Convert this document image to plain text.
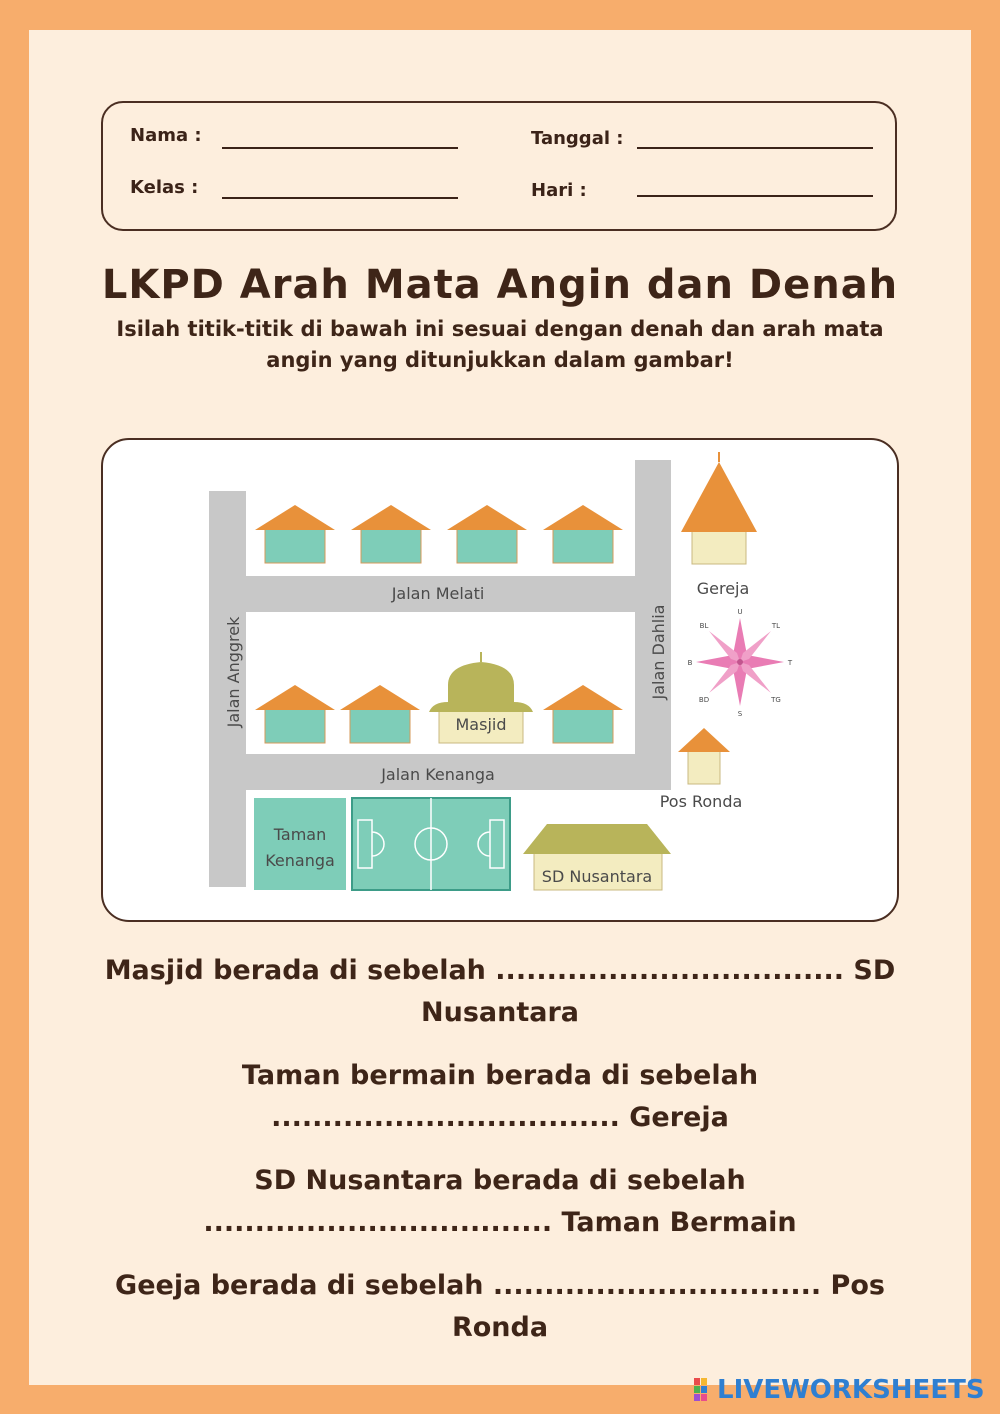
Nama :
Kelas :
Tanggal :
Hari :
LKPD Arah Mata Angin dan Denah
Isilah titik-titik di bawah ini sesuai dengan denah dan arah mata angin yang ditunjukkan dalam gambar!
Masjid
Gereja
U
TL
T
TG
S
BD
B
BL
Pos Ronda
Taman
Kenanga
SD Nusantara
Jalan Melati
Jalan Kenanga
Jalan Anggrek	Jalan Dahlia
Masjid berada di sebelah .................................. SD Nusantara
Taman bermain berada di sebelah .................................. Gereja
SD Nusantara berada di sebelah .................................. Taman Bermain
Geeja berada di sebelah ................................ Pos Ronda
LIVEWORKSHEETS
